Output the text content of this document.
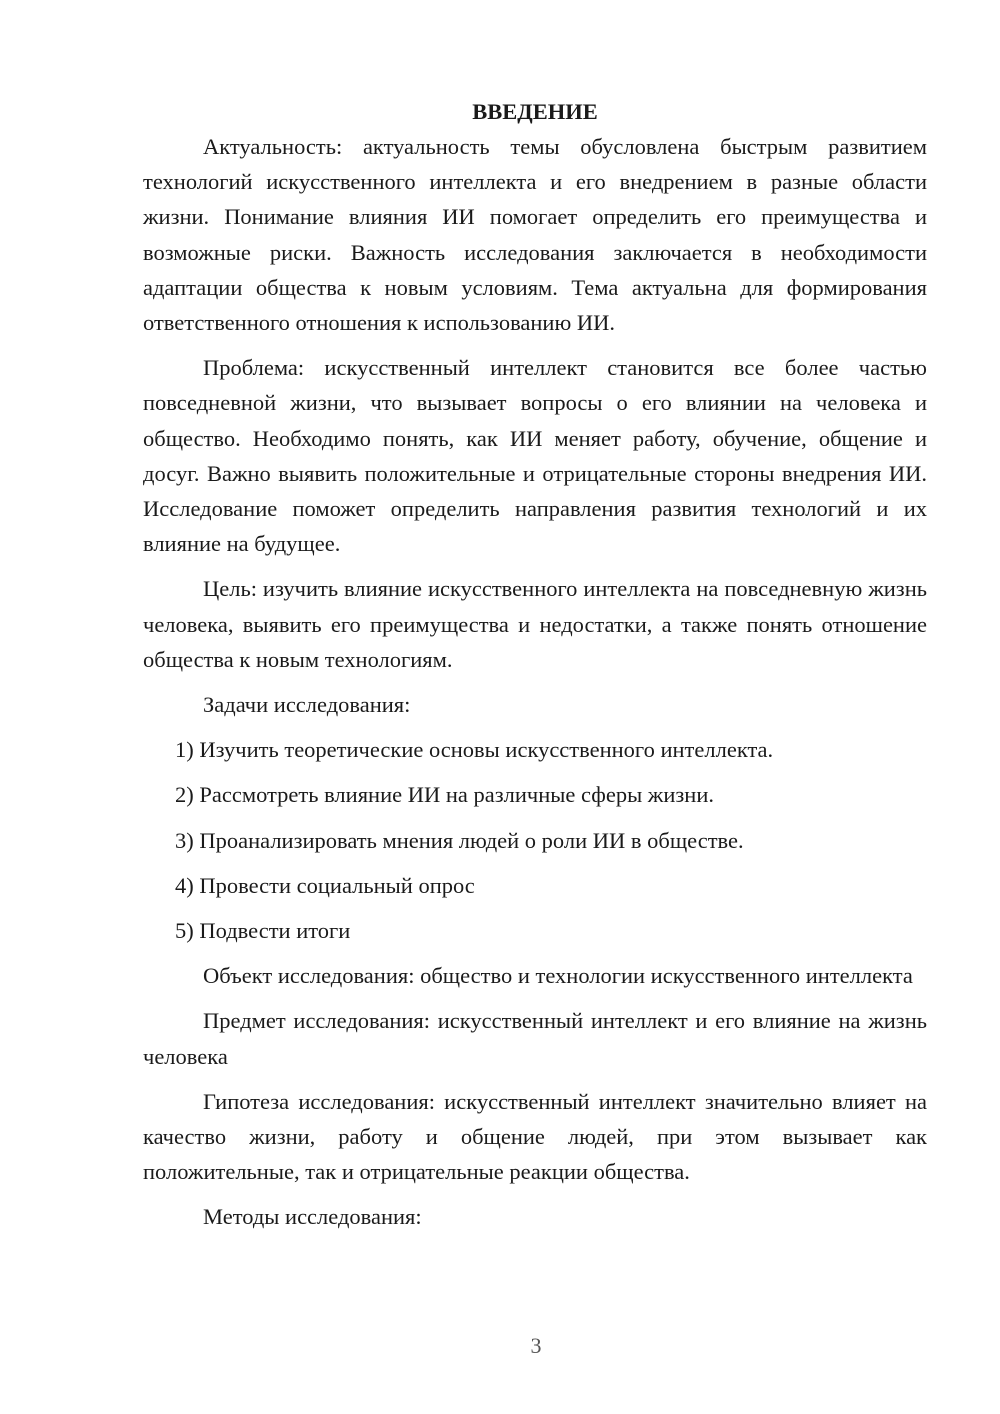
ВВЕДЕНИЕ

Актуальность: актуальность темы обусловлена быстрым развитием технологий искусственного интеллекта и его внедрением в разные области жизни. Понимание влияния ИИ помогает определить его преимущества и возможные риски. Важность исследования заключается в необходимости адаптации общества к новым условиям. Тема актуальна для формирования ответственного отношения к использованию ИИ.

Проблема: искусственный интеллект становится все более частью повседневной жизни, что вызывает вопросы о его влиянии на человека и общество. Необходимо понять, как ИИ меняет работу, обучение, общение и досуг. Важно выявить положительные и отрицательные стороны внедрения ИИ. Исследование поможет определить направления развития технологий и их влияние на будущее.

Цель: изучить влияние искусственного интеллекта на повседневную жизнь человека, выявить его преимущества и недостатки, а также понять отношение общества к новым технологиям.

Задачи исследования:

1) Изучить теоретические основы искусственного интеллекта.

2) Рассмотреть влияние ИИ на различные сферы жизни.

3) Проанализировать мнения людей о роли ИИ в обществе.

4) Провести социальный опрос

5) Подвести итоги

Объект исследования: общество и технологии искусственного интеллекта

Предмет исследования: искусственный интеллект и его влияние на жизнь человека

Гипотеза исследования: искусственный интеллект значительно влияет на качество жизни, работу и общение людей, при этом вызывает как положительные, так и отрицательные реакции общества.

Методы исследования:

3
